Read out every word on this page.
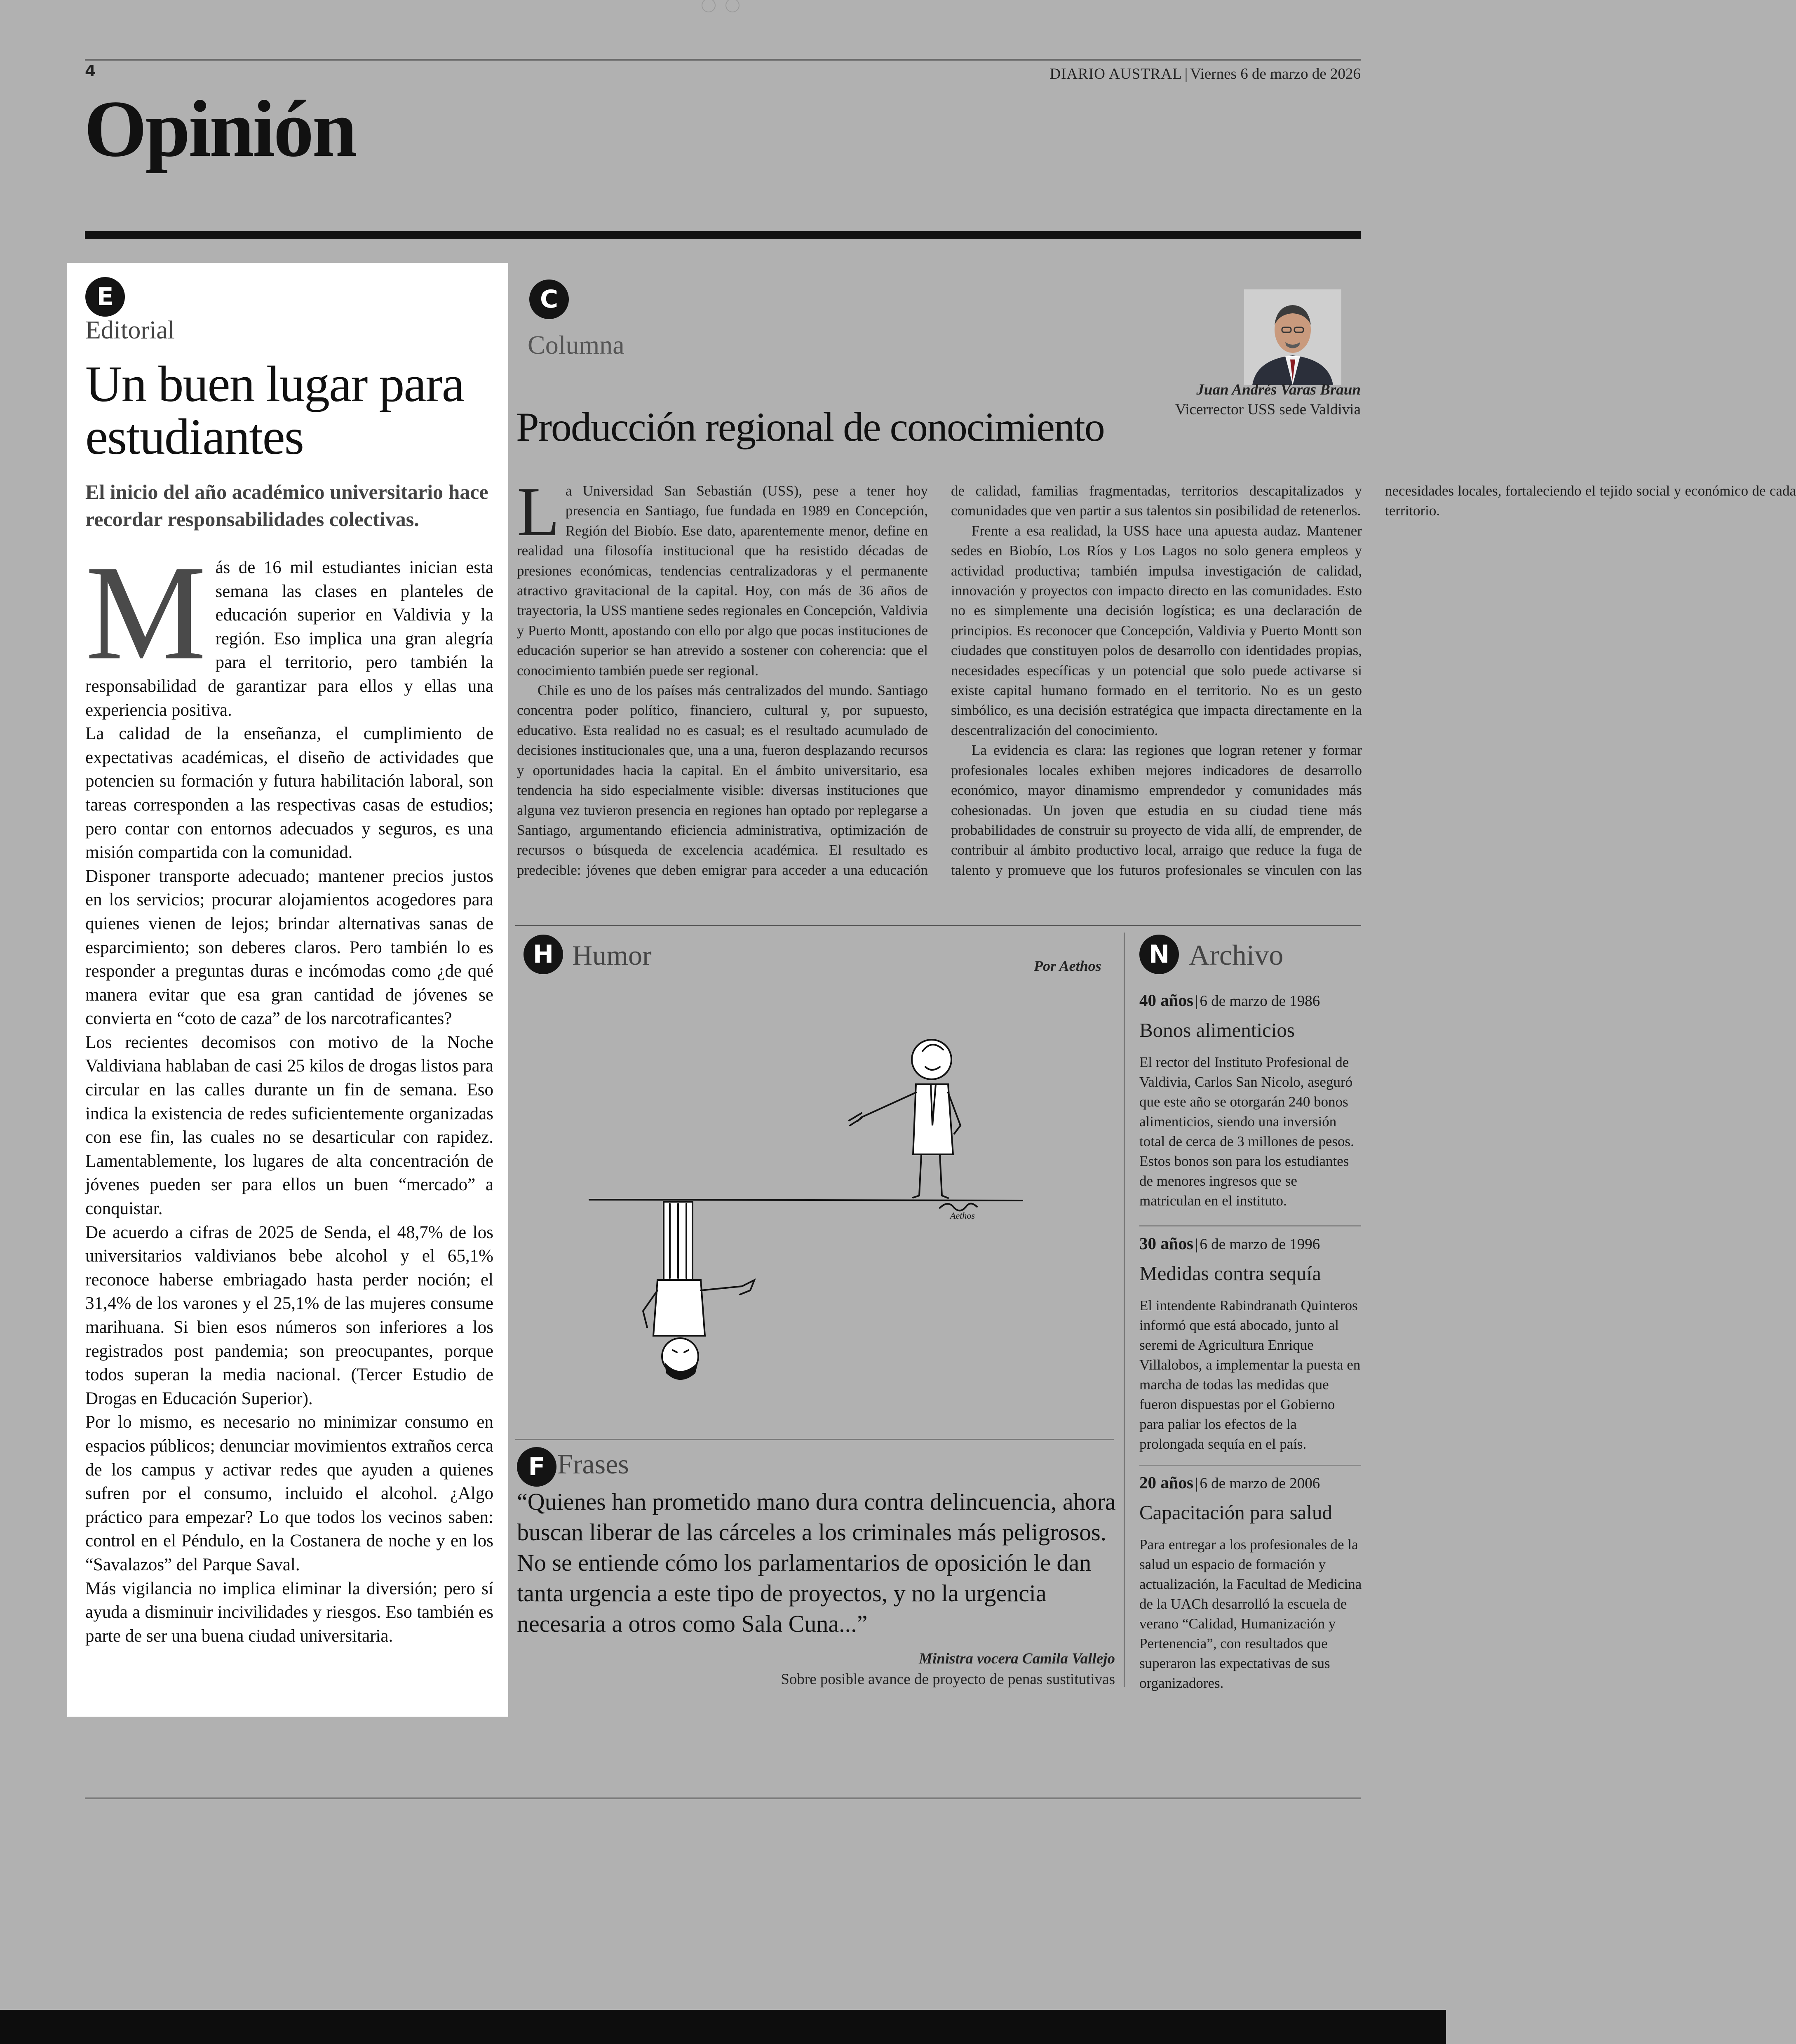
4	DIARIO AUSTRAL | Viernes 6 de marzo de 2026
Opinión
E
Editorial
Un buen lugar para estudiantes
El inicio del año académico universitario hace recordar responsabilidades colectivas.

Más de 16 mil estudiantes inician esta semana las clases en planteles de educación superior en Valdivia y la región. Eso implica una gran alegría para el territorio, pero también la responsabilidad de garantizar para ellos y ellas una experiencia positiva.

La calidad de la enseñanza, el cumplimiento de expectativas académicas, el diseño de actividades que potencien su formación y futura habilitación laboral, son tareas corresponden a las respectivas casas de estudios; pero contar con entornos adecuados y seguros, es una misión compartida con la comunidad.

Disponer transporte adecuado; mantener precios justos en los servicios; procurar alojamientos acogedores para quienes vienen de lejos; brindar alternativas sanas de esparcimiento; son deberes claros. Pero también lo es responder a preguntas duras e incómodas como ¿de qué manera evitar que esa gran cantidad de jóvenes se convierta en “coto de caza” de los narcotraficantes?

Los recientes decomisos con motivo de la Noche Valdiviana hablaban de casi 25 kilos de drogas listos para circular en las calles durante un fin de semana. Eso indica la existencia de redes suficientemente organizadas con ese fin, las cuales no se desarticular con rapidez. Lamentablemente, los lugares de alta concentración de jóvenes pueden ser para ellos un buen “mercado” a conquistar.

De acuerdo a cifras de 2025 de Senda, el 48,7% de los universitarios valdivianos bebe alcohol y el 65,1% reconoce haberse embriagado hasta perder noción; el 31,4% de los varones y el 25,1% de las mujeres consume marihuana. Si bien esos números son inferiores a los registrados post pandemia; son preocupantes, porque todos superan la media nacional. (Tercer Estudio de Drogas en Educación Superior).

Por lo mismo, es necesario no minimizar consumo en espacios públicos; denunciar movimientos extraños cerca de los campus y activar redes que ayuden a quienes sufren por el consumo, incluido el alcohol. ¿Algo práctico para empezar? Lo que todos los vecinos saben: control en el Péndulo, en la Costanera de noche y en los “Savalazos” del Parque Saval.

Más vigilancia no implica eliminar la diversión; pero sí ayuda a disminuir incivilidades y riesgos. Eso también es parte de ser una buena ciudad universitaria.

C
Columna
Juan Andrés Varas Braun
Vicerrector USS sede Valdivia
Producción regional de conocimiento

La Universidad San Sebastián (USS), pese a tener hoy presencia en Santiago, fue fundada en 1989 en Concepción, Región del Biobío. Ese dato, aparentemente menor, define en realidad una filosofía institucional que ha resistido décadas de presiones económicas, tendencias centralizadoras y el permanente atractivo gravitacional de la capital. Hoy, con más de 36 años de trayectoria, la USS mantiene sedes regionales en Concepción, Valdivia y Puerto Montt, apostando con ello por algo que pocas instituciones de educación superior se han atrevido a sostener con coherencia: que el conocimiento también puede ser regional.

Chile es uno de los países más centralizados del mundo. Santiago concentra poder político, financiero, cultural y, por supuesto, educativo. Esta realidad no es casual; es el resultado acumulado de decisiones institucionales que, una a una, fueron desplazando recursos y oportunidades hacia la capital. En el ámbito universitario, esa tendencia ha sido especialmente visible: diversas instituciones que alguna vez tuvieron presencia en regiones han optado por replegarse a Santiago, argumentando eficiencia administrativa, optimización de recursos o búsqueda de excelencia académica. El resultado es predecible: jóvenes que deben emigrar para acceder a una educación de calidad, familias fragmentadas, territorios descapitalizados y comunidades que ven partir a sus talentos sin posibilidad de retenerlos.

Frente a esa realidad, la USS hace una apuesta audaz. Mantener sedes en Biobío, Los Ríos y Los Lagos no solo genera empleos y actividad productiva; también impulsa investigación de calidad, innovación y proyectos con impacto directo en las comunidades. Esto no es simplemente una decisión logística; es una declaración de principios. Es reconocer que Concepción, Valdivia y Puerto Montt son ciudades que constituyen polos de desarrollo con identidades propias, necesidades específicas y un potencial que solo puede activarse si existe capital humano formado en el territorio. No es un gesto simbólico, es una decisión estratégica que impacta directamente en la descentralización del conocimiento.

La evidencia es clara: las regiones que logran retener y formar profesionales locales exhiben mejores indicadores de desarrollo económico, mayor dinamismo emprendedor y comunidades más cohesionadas. Un joven que estudia en su ciudad tiene más probabilidades de construir su proyecto de vida allí, de emprender, de contribuir al ámbito productivo local, arraigo que reduce la fuga de talento y promueve que los futuros profesionales se vinculen con las necesidades locales, fortaleciendo el tejido social y económico de cada territorio.

H Humor	Por Aethos
Aethos
F Frases
“Quienes han prometido mano dura contra delincuencia, ahora buscan liberar de las cárceles a los criminales más peligrosos. No se entiende cómo los parlamentarios de oposición le dan tanta urgencia a este tipo de proyectos, y no la urgencia necesaria a otros como Sala Cuna...”
Ministra vocera Camila Vallejo
Sobre posible avance de proyecto de penas sustitutivas
N Archivo
40 años | 6 de marzo de 1986
Bonos alimenticios
El rector del Instituto Profesional de Valdivia, Carlos San Nicolo, aseguró que este año se otorgarán 240 bonos alimenticios, siendo una inversión total de cerca de 3 millones de pesos. Estos bonos son para los estudiantes de menores ingresos que se matriculan en el instituto.
30 años | 6 de marzo de 1996
Medidas contra sequía
El intendente Rabindranath Quinteros informó que está abocado, junto al seremi de Agricultura Enrique Villalobos, a implementar la puesta en marcha de todas las medidas que fueron dispuestas por el Gobierno para paliar los efectos de la prolongada sequía en el país.
20 años | 6 de marzo de 2006
Capacitación para salud
Para entregar a los profesionales de la salud un espacio de formación y actualización, la Facultad de Medicina de la UACh desarrolló la escuela de verano “Calidad, Humanización y Pertenencia”, con resultados que superaron las expectativas de sus organizadores.
